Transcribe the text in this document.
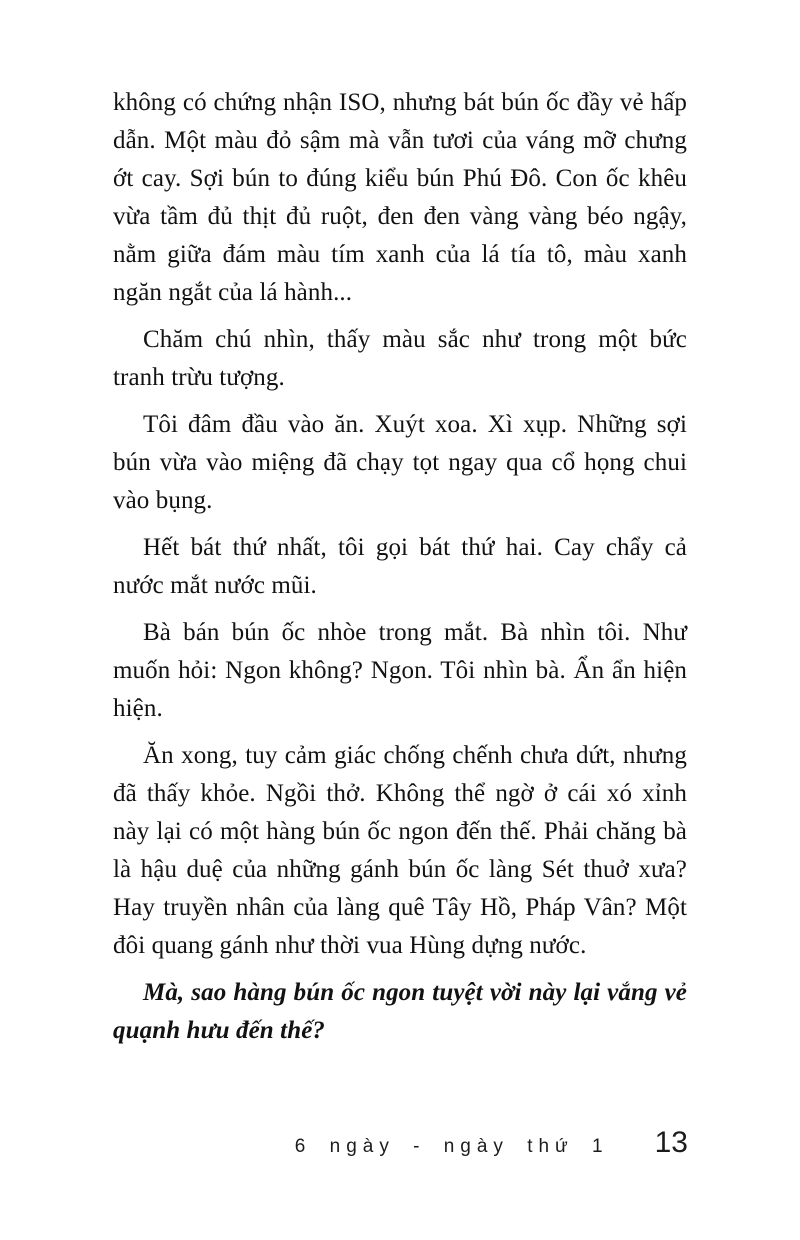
không có chứng nhận ISO, nhưng bát bún ốc đầy vẻ hấp dẫn. Một màu đỏ sậm mà vẫn tươi của váng mỡ chưng ớt cay. Sợi bún to đúng kiểu bún Phú Đô. Con ốc khêu vừa tầm đủ thịt đủ ruột, đen đen vàng vàng béo ngậy, nằm giữa đám màu tím xanh của lá tía tô, màu xanh ngăn ngắt của lá hành...

Chăm chú nhìn, thấy màu sắc như trong một bức tranh trừu tượng.

Tôi đâm đầu vào ăn. Xuýt xoa. Xì xụp. Những sợi bún vừa vào miệng đã chạy tọt ngay qua cổ họng chui vào bụng.

Hết bát thứ nhất, tôi gọi bát thứ hai. Cay chẩy cả nước mắt nước mũi.

Bà bán bún ốc nhòe trong mắt. Bà nhìn tôi. Như muốn hỏi: Ngon không? Ngon. Tôi nhìn bà. Ẩn ẩn hiện hiện.

Ăn xong, tuy cảm giác chống chếnh chưa dứt, nhưng đã thấy khỏe. Ngồi thở. Không thể ngờ ở cái xó xỉnh này lại có một hàng bún ốc ngon đến thế. Phải chăng bà là hậu duệ của những gánh bún ốc làng Sét thuở xưa? Hay truyền nhân của làng quê Tây Hồ, Pháp Vân? Một đôi quang gánh như thời vua Hùng dựng nước.

Mà, sao hàng bún ốc ngon tuyệt vời này lại vắng vẻ quạnh hưu đến thế?

6 ngày - ngày thứ 1 13
